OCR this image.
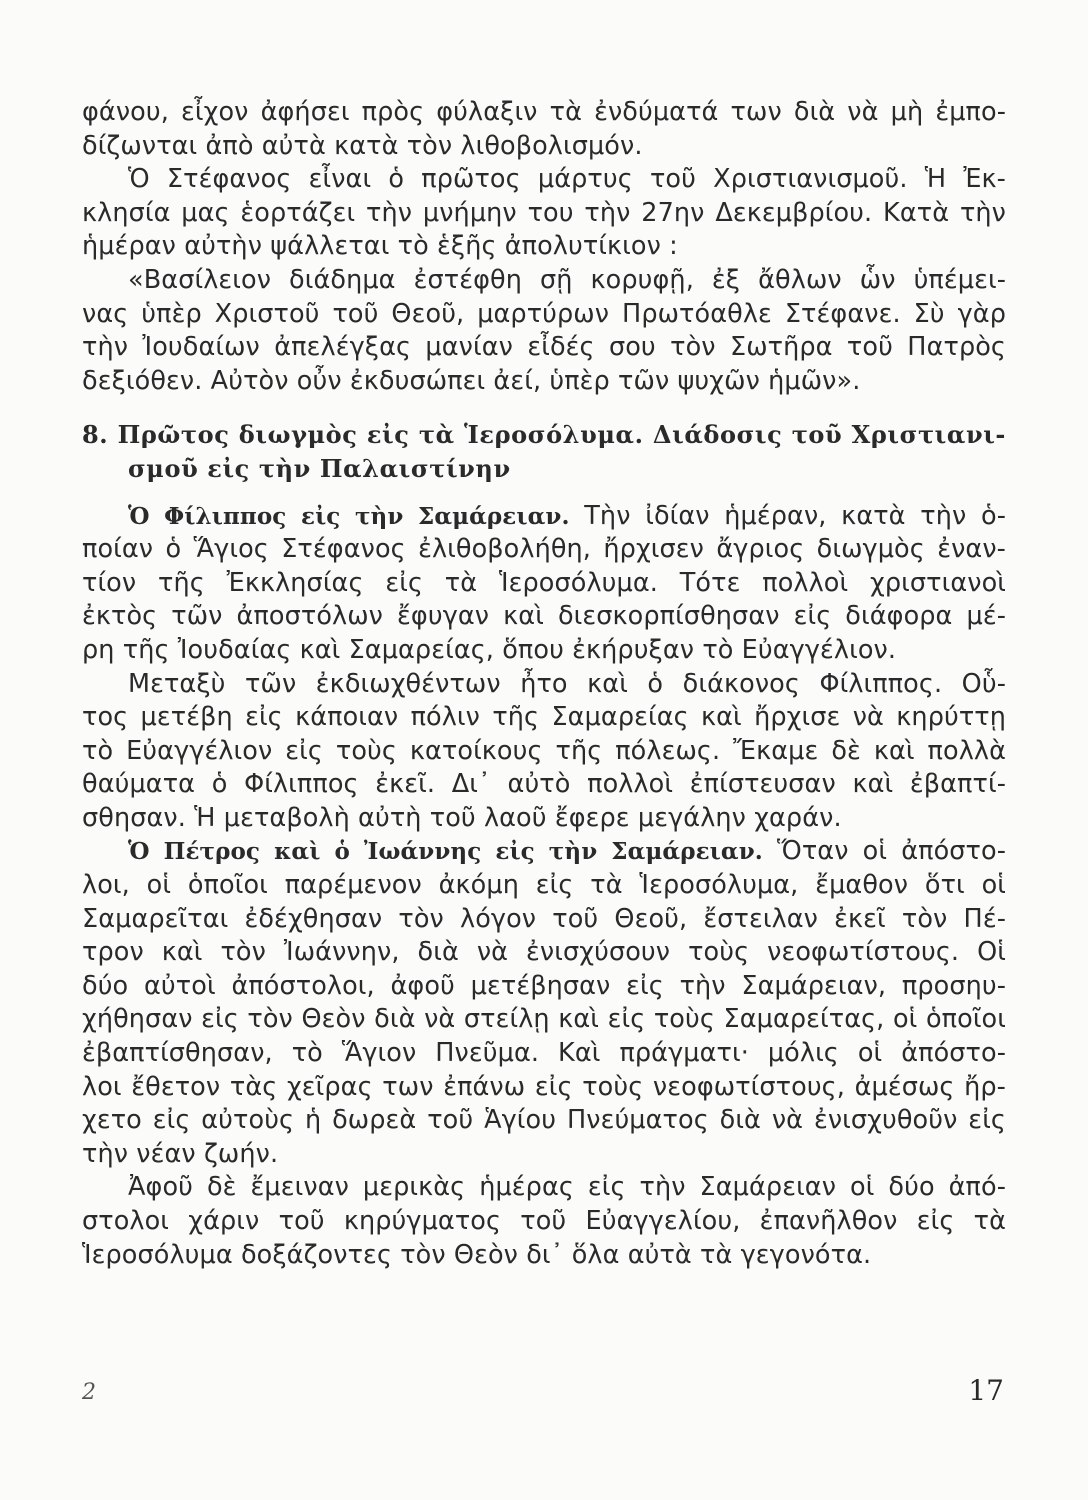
φάνου, εἶχον ἀφήσει πρὸς φύλαξιν τὰ ἐνδύματά των διὰ νὰ μὴ ἐμπο-
δίζωνται ἀπὸ αὐτὰ κατὰ τὸν λιθοβολισμόν.
Ὁ Στέφανος εἶναι ὁ πρῶτος μάρτυς τοῦ Χριστιανισμοῦ. Ἡ Ἐκ-
κλησία μας ἑορτάζει τὴν μνήμην του τὴν 27ην Δεκεμβρίου. Κατὰ τὴν
ἡμέραν αὐτὴν ψάλλεται τὸ ἑξῆς ἀπολυτίκιον :
«Βασίλειον διάδημα ἐστέφθη σῇ κορυφῇ, ἐξ ἄθλων ὧν ὑπέμει-
νας ὑπὲρ Χριστοῦ τοῦ Θεοῦ, μαρτύρων Πρωτόαθλε Στέφανε. Σὺ γὰρ
τὴν Ἰουδαίων ἀπελέγξας μανίαν εἶδές σου τὸν Σωτῆρα τοῦ Πατρὸς
δεξιόθεν. Αὐτὸν οὖν ἐκδυσώπει ἀεί, ὑπὲρ τῶν ψυχῶν ἡμῶν».
8. Πρῶτος διωγμὸς εἰς τὰ Ἱεροσόλυμα. Διάδοσις τοῦ Χριστιανι-
σμοῦ εἰς τὴν Παλαιστίνην
Ὁ Φίλιππος εἰς τὴν Σαμάρειαν. Τὴν ἰδίαν ἡμέραν, κατὰ τὴν ὁ-
ποίαν ὁ Ἅγιος Στέφανος ἐλιθοβολήθη, ἤρχισεν ἄγριος διωγμὸς ἐναν-
τίον τῆς Ἐκκλησίας εἰς τὰ Ἱεροσόλυμα. Τότε πολλοὶ χριστιανοὶ
ἐκτὸς τῶν ἀποστόλων ἔφυγαν καὶ διεσκορπίσθησαν εἰς διάφορα μέ-
ρη τῆς Ἰουδαίας καὶ Σαμαρείας, ὅπου ἐκήρυξαν τὸ Εὐαγγέλιον.
Μεταξὺ τῶν ἐκδιωχθέντων ἦτο καὶ ὁ διάκονος Φίλιππος. Οὗ-
τος μετέβη εἰς κάποιαν πόλιν τῆς Σαμαρείας καὶ ἤρχισε νὰ κηρύττῃ
τὸ Εὐαγγέλιον εἰς τοὺς κατοίκους τῆς πόλεως. Ἔκαμε δὲ καὶ πολλὰ
θαύματα ὁ Φίλιππος ἐκεῖ. Δι᾿ αὐτὸ πολλοὶ ἐπίστευσαν καὶ ἐβαπτί-
σθησαν. Ἡ μεταβολὴ αὐτὴ τοῦ λαοῦ ἔφερε μεγάλην χαράν.
Ὁ Πέτρος καὶ ὁ Ἰωάννης εἰς τὴν Σαμάρειαν. Ὅταν οἱ ἀπόστο-
λοι, οἱ ὁποῖοι παρέμενον ἀκόμη εἰς τὰ Ἱεροσόλυμα, ἔμαθον ὅτι οἱ
Σαμαρεῖται ἐδέχθησαν τὸν λόγον τοῦ Θεοῦ, ἔστειλαν ἐκεῖ τὸν Πέ-
τρον καὶ τὸν Ἰωάννην, διὰ νὰ ἐνισχύσουν τοὺς νεοφωτίστους. Οἱ
δύο αὐτοὶ ἀπόστολοι, ἀφοῦ μετέβησαν εἰς τὴν Σαμάρειαν, προσηυ-
χήθησαν εἰς τὸν Θεὸν διὰ νὰ στείλῃ καὶ εἰς τοὺς Σαμαρείτας, οἱ ὁποῖοι
ἐβαπτίσθησαν, τὸ Ἅγιον Πνεῦμα. Καὶ πράγματι· μόλις οἱ ἀπόστο-
λοι ἔθετον τὰς χεῖρας των ἐπάνω εἰς τοὺς νεοφωτίστους, ἀμέσως ἤρ-
χετο εἰς αὐτοὺς ἡ δωρεὰ τοῦ Ἁγίου Πνεύματος διὰ νὰ ἐνισχυθοῦν εἰς
τὴν νέαν ζωήν.
Ἀφοῦ δὲ ἔμειναν μερικὰς ἡμέρας εἰς τὴν Σαμάρειαν οἱ δύο ἀπό-
στολοι χάριν τοῦ κηρύγματος τοῦ Εὐαγγελίου, ἐπανῆλθον εἰς τὰ
Ἱεροσόλυμα δοξάζοντες τὸν Θεὸν δι᾿ ὅλα αὐτὰ τὰ γεγονότα.
2	17
